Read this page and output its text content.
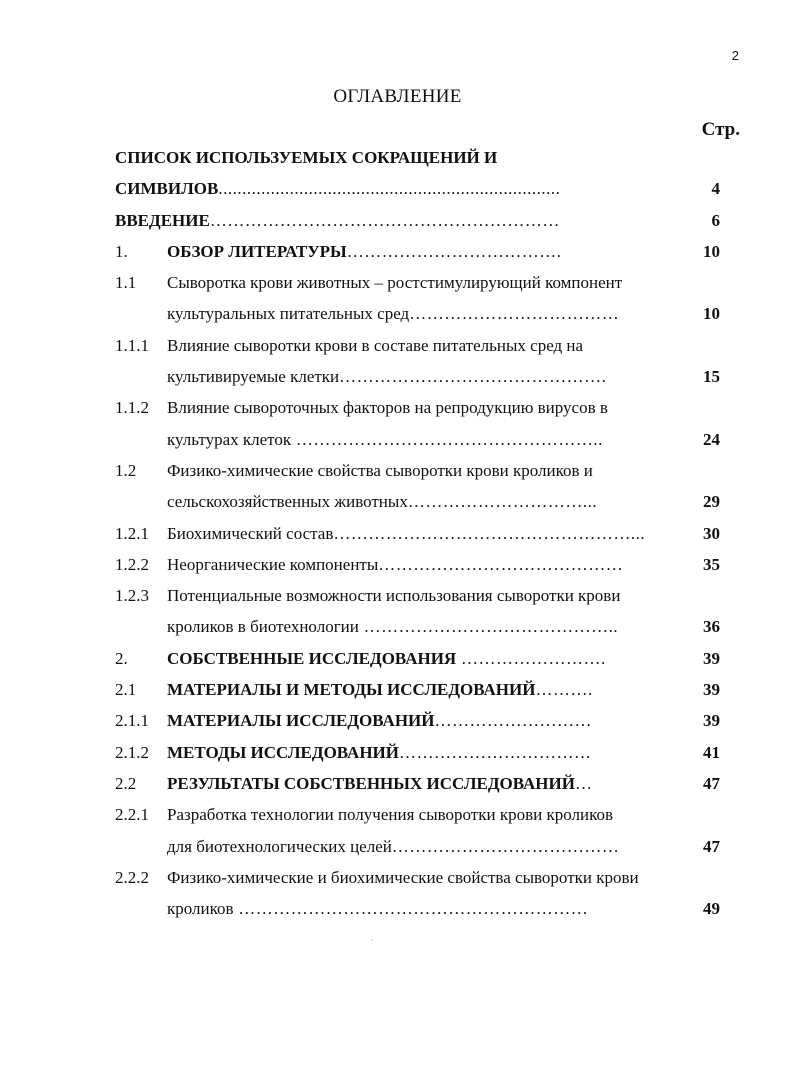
2
ОГЛАВЛЕНИЕ
Стр.
СПИСОК ИСПОЛЬЗУЕМЫХ СОКРАЩЕНИЙ И
СИМВИЛОВ........................................................................	4
ВВЕДЕНИЕ……………………………………………………	6
1. ОБЗОР ЛИТЕРАТУРЫ……………………………….	10
1.1 Сыворотка крови животных – ростстимулирующий компонент
культуральных питательных сред………………………………	10
1.1.1 Влияние сыворотки крови в составе питательных сред на
культивируемые клетки……………………………………….	15
1.1.2 Влияние сывороточных факторов на репродукцию вирусов в
культурах клеток ……………………………………………..	24
1.2 Физико-химические свойства сыворотки крови кроликов и
сельскохозяйственных животных…………………………...	29
1.2.1 Биохимический состав……………………………………………...	30
1.2.2 Неорганические компоненты……………………………………	35
1.2.3 Потенциальные возможности использования сыворотки крови
кроликов в биотехнологии ……………………………………..	36
2. СОБСТВЕННЫЕ ИССЛЕДОВАНИЯ …………………….	39
2.1 МАТЕРИАЛЫ И МЕТОДЫ ИССЛЕДОВАНИЙ……….	39
2.1.1 МАТЕРИАЛЫ ИССЛЕДОВАНИЙ………………………	39
2.1.2 МЕТОДЫ ИССЛЕДОВАНИЙ……………………………	41
2.2 РЕЗУЛЬТАТЫ СОБСТВЕННЫХ ИССЛЕДОВАНИЙ…	47
2.2.1 Разработка технологии получения сыворотки крови кроликов
для биотехнологических целей…………………………………	47
2.2.2 Физико-химические и биохимические свойства сыворотки крови
кроликов ……………………………………………………	49
·
